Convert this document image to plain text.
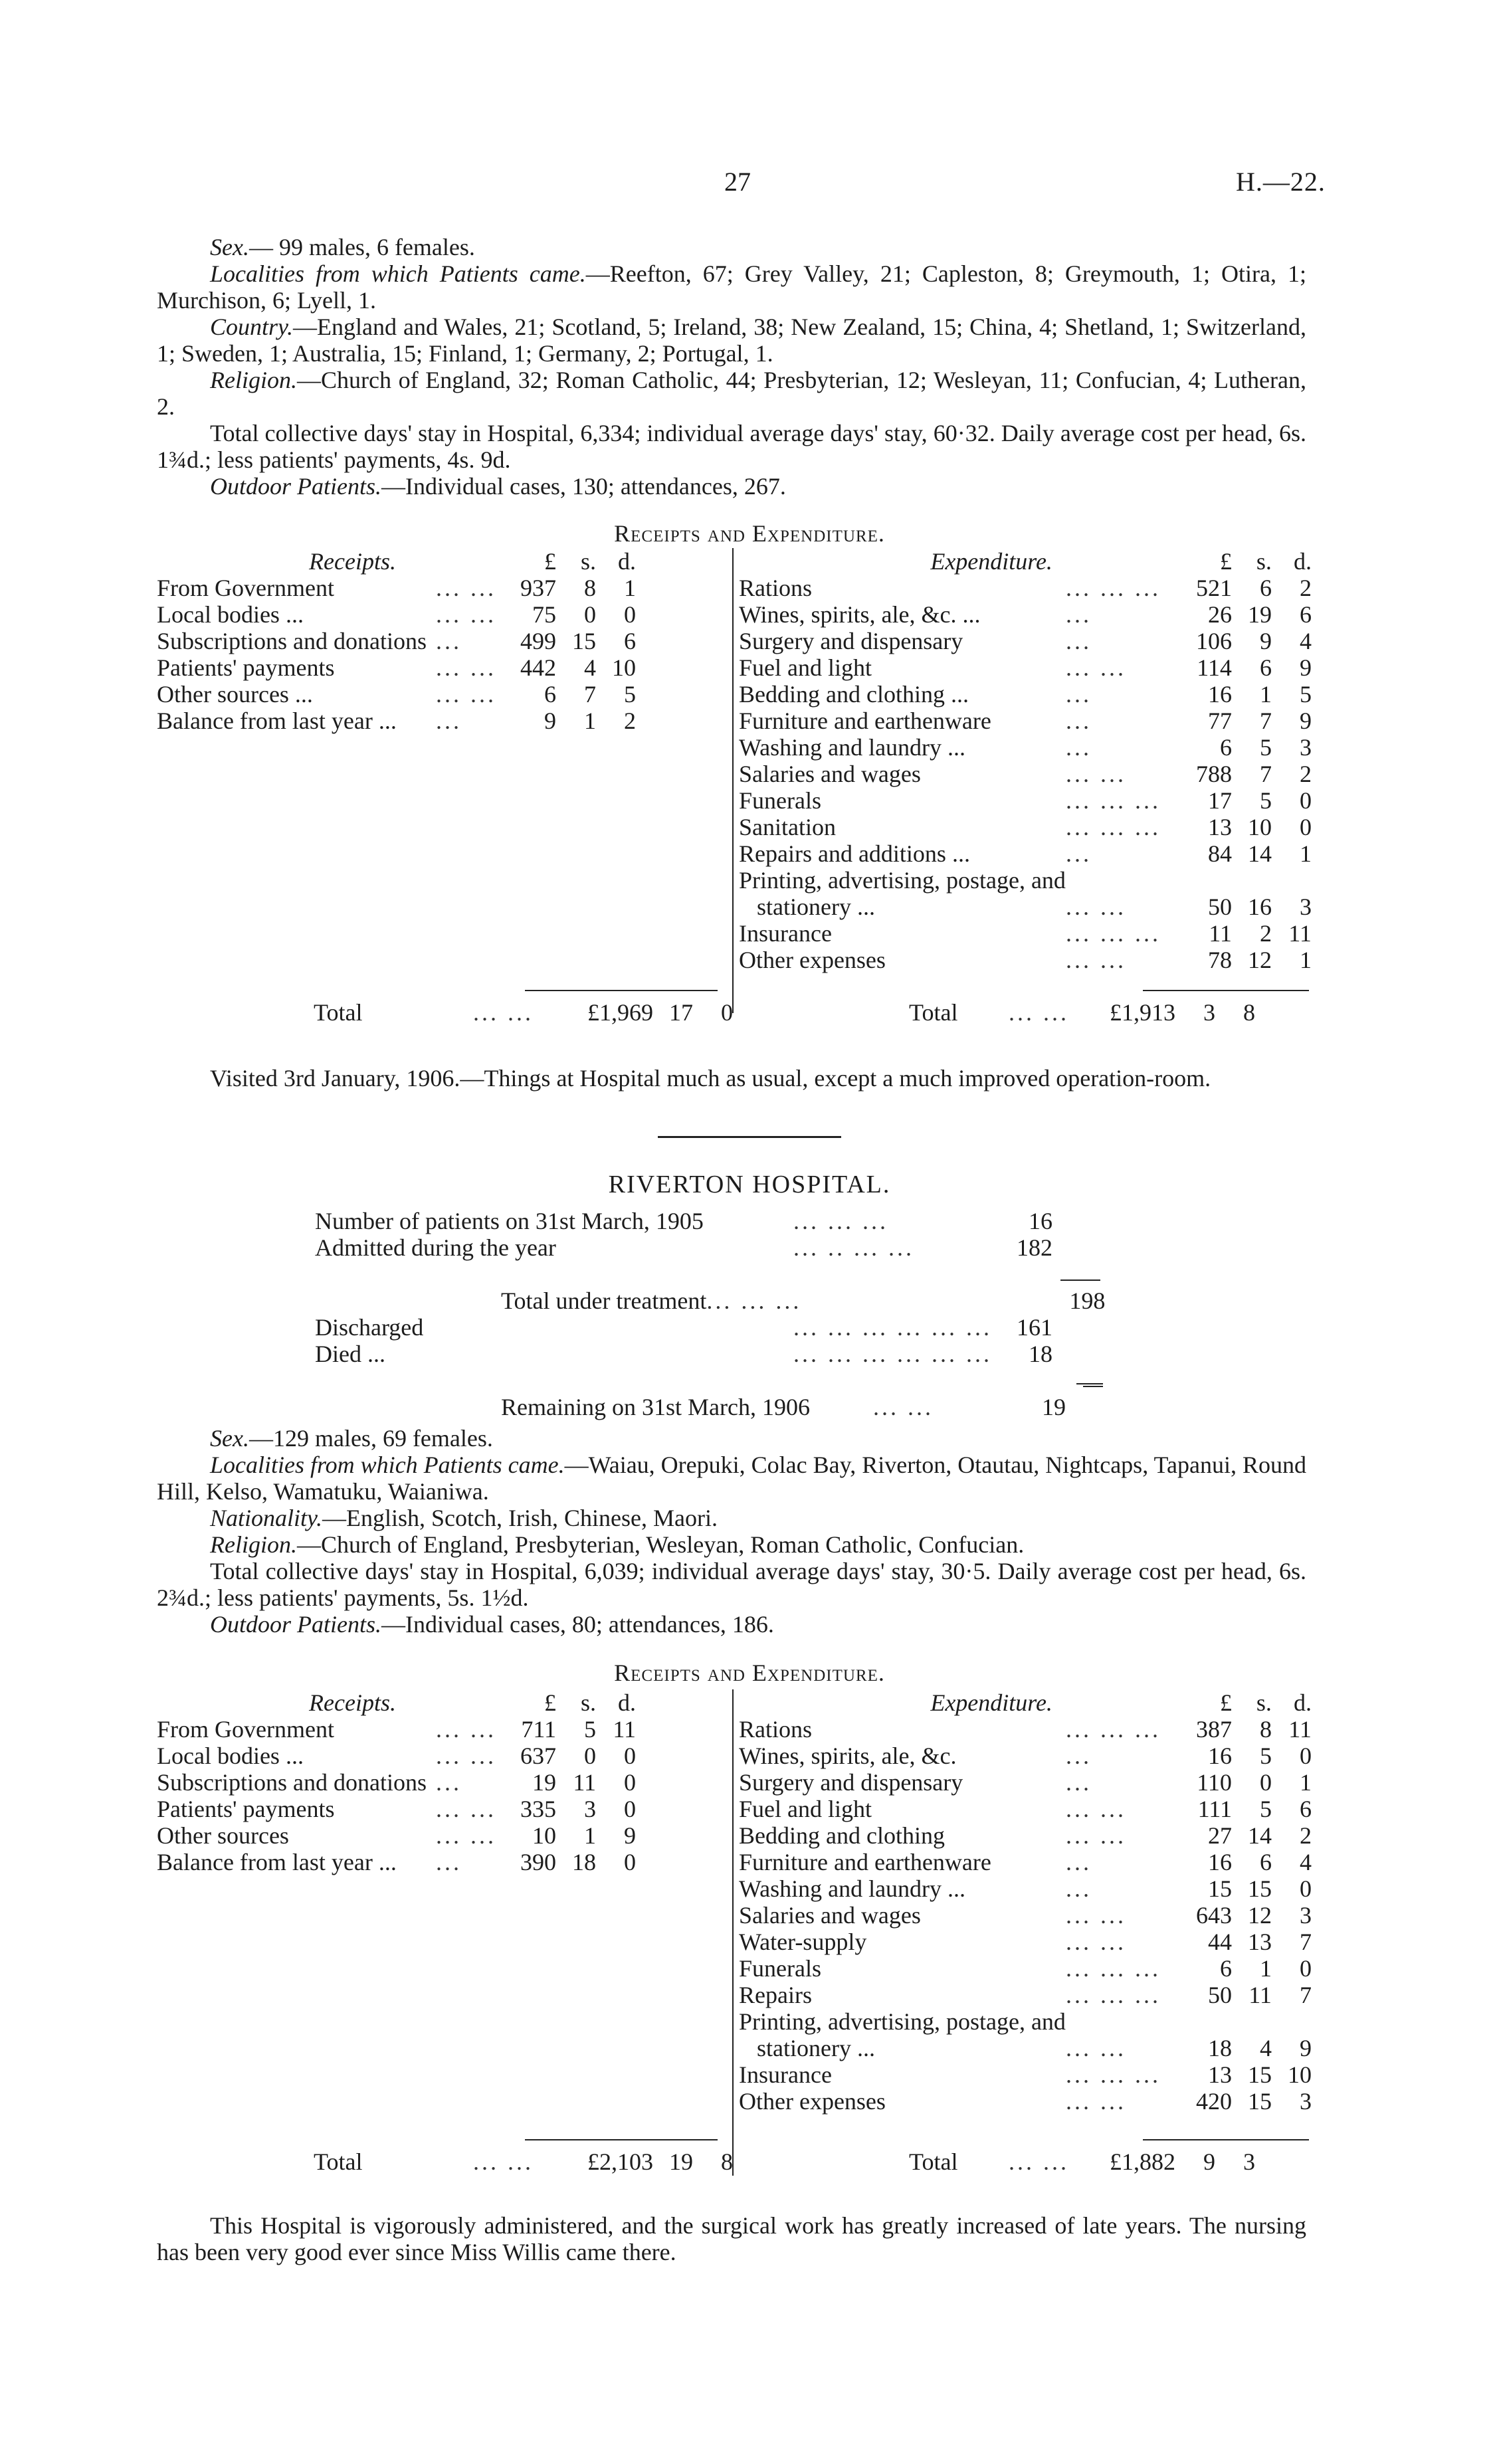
27	H.—22.

Sex.— 99 males, 6 females.

Localities from which Patients came.—Reefton, 67; Grey Valley, 21; Capleston, 8; Greymouth, 1; Otira, 1; Murchison, 6; Lyell, 1.

Country.—England and Wales, 21; Scotland, 5; Ireland, 38; New Zealand, 15; China, 4; Shetland, 1; Switzerland, 1; Sweden, 1; Australia, 15; Finland, 1; Germany, 2; Portugal, 1.

Religion.—Church of England, 32; Roman Catholic, 44; Presbyterian, 12; Wesleyan, 11; Confucian, 4; Lutheran, 2.

Total collective days' stay in Hospital, 6,334; individual average days' stay, 60·32. Daily average cost per head, 6s. 1¾d.; less patients' payments, 4s. 9d.

Outdoor Patients.—Individual cases, 130; attendances, 267.

Receipts and Expenditure.
Receipts.		£	s.	d.
From Government	... ...	937	8	1
Local bodies ...	... ...	75	0	0
Subscriptions and donations	...	499	15	6
Patients' payments	... ...	442	4	10
Other sources ...	... ...	6	7	5
Balance from last year ...	...	9	1	2
Expenditure.		£	s.	d.
Rations	... ... ...	521	6	2
Wines, spirits, ale, &c. ...	...	26	19	6
Surgery and dispensary	...	106	9	4
Fuel and light	... ...	114	6	9
Bedding and clothing ...	...	16	1	5
Furniture and earthenware	...	77	7	9
Washing and laundry ...	...	6	5	3
Salaries and wages	... ...	788	7	2
Funerals	... ... ...	17	5	0
Sanitation	... ... ...	13	10	0
Repairs and additions ...	...	84	14	1
Printing, advertising, postage, and				
stationery ...	... ...	50	16	3
Insurance	... ... ...	11	2	11
Other expenses	... ...	78	12	1
Total	... ...	£1,969	17	0	Total	... ...	£1,913	3	8

Visited 3rd January, 1906.—Things at Hospital much as usual, except a much improved operation-room.

RIVERTON HOSPITAL.
Number of patients on 31st March, 1905	... ... ...	16	
Admitted during the year	... .. ... ...	182	
Total under treatment	... ... ...		198
Discharged	... ... ... ... ... ...	161
Died ...	... ... ... ... ... ...	18
Remaining on 31st March, 1906	... ...		19

Sex.—129 males, 69 females.

Localities from which Patients came.—Waiau, Orepuki, Colac Bay, Riverton, Otautau, Nightcaps, Tapanui, Round Hill, Kelso, Wamatuku, Waianiwa.

Nationality.—English, Scotch, Irish, Chinese, Maori.

Religion.—Church of England, Presbyterian, Wesleyan, Roman Catholic, Confucian.

Total collective days' stay in Hospital, 6,039; individual average days' stay, 30·5. Daily average cost per head, 6s. 2¾d.; less patients' payments, 5s. 1½d.

Outdoor Patients.—Individual cases, 80; attendances, 186.

Receipts and Expenditure.
Receipts.		£	s.	d.
From Government	... ...	711	5	11
Local bodies ...	... ...	637	0	0
Subscriptions and donations	...	19	11	0
Patients' payments	... ...	335	3	0
Other sources	... ...	10	1	9
Balance from last year ...	...	390	18	0
Expenditure.		£	s.	d.
Rations	... ... ...	387	8	11
Wines, spirits, ale, &c.	...	16	5	0
Surgery and dispensary	...	110	0	1
Fuel and light	... ...	111	5	6
Bedding and clothing	... ...	27	14	2
Furniture and earthenware	...	16	6	4
Washing and laundry ...	...	15	15	0
Salaries and wages	... ...	643	12	3
Water-supply	... ...	44	13	7
Funerals	... ... ...	6	1	0
Repairs	... ... ...	50	11	7
Printing, advertising, postage, and				
stationery ...	... ...	18	4	9
Insurance	... ... ...	13	15	10
Other expenses	... ...	420	15	3
Total	... ...	£2,103	19	8	Total	... ...	£1,882	9	3

This Hospital is vigorously administered, and the surgical work has greatly increased of late years. The nursing has been very good ever since Miss Willis came there.
